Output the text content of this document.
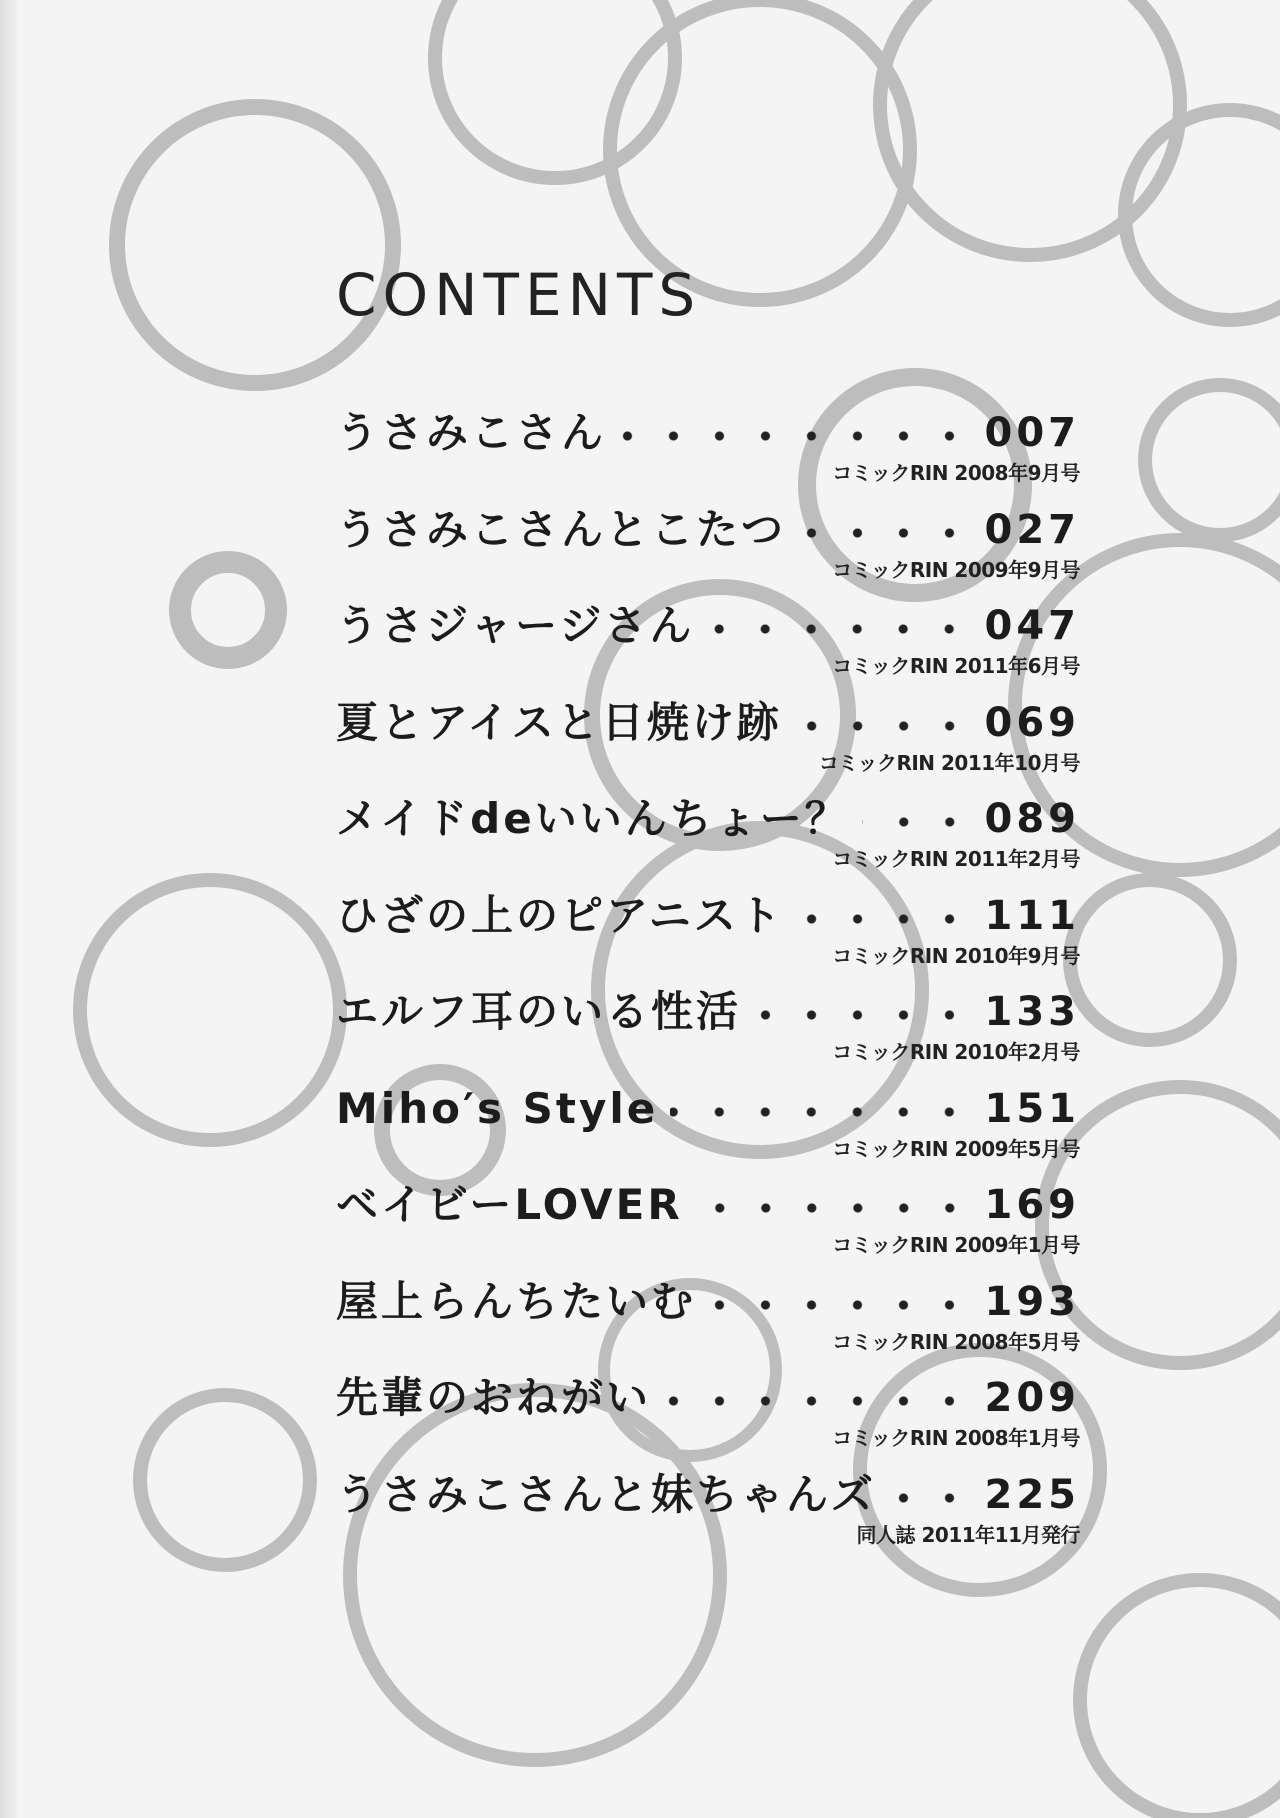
CONTENTS
うさみこさん	007
コミックRIN 2008年9月号
うさみこさんとこたつ	027
コミックRIN 2009年9月号
うさジャージさん	047
コミックRIN 2011年6月号
夏とアイスと日焼け跡	069
コミックRIN 2011年10月号
メイドdeいいんちょー？	089
コミックRIN 2011年2月号
ひざの上のピアニスト	111
コミックRIN 2010年9月号
エルフ耳のいる性活	133
コミックRIN 2010年2月号
Miho′s Style	151
コミックRIN 2009年5月号
ベイビーLOVER	169
コミックRIN 2009年1月号
屋上らんちたいむ	193
コミックRIN 2008年5月号
先輩のおねがい	209
コミックRIN 2008年1月号
うさみこさんと妹ちゃんズ	225
同人誌 2011年11月発行
